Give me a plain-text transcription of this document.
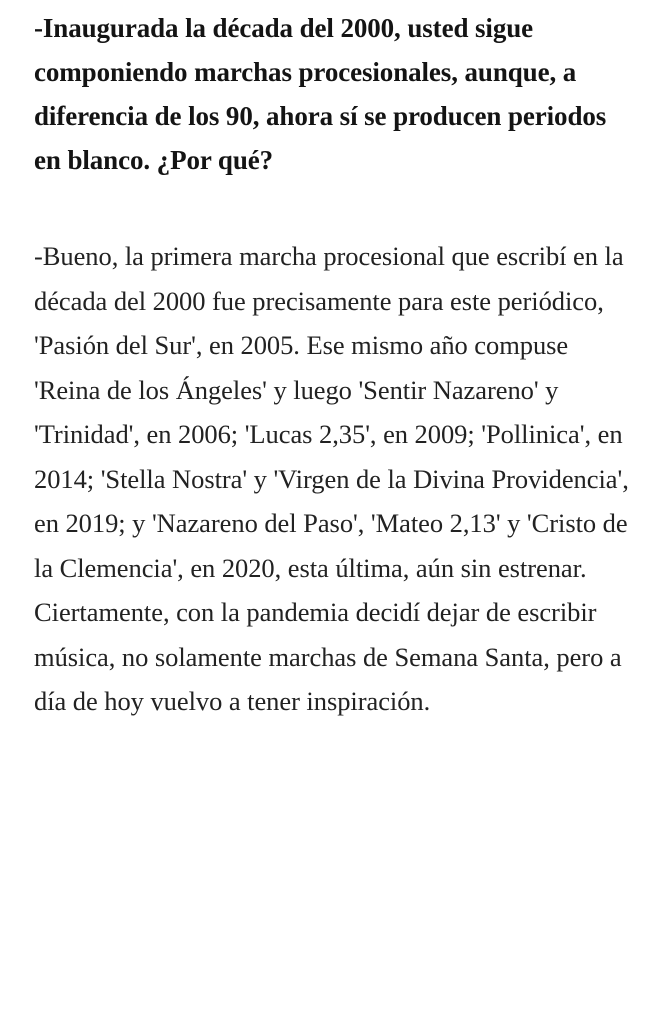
-Inaugurada la década del 2000, usted sigue componiendo marchas procesionales, aunque, a diferencia de los 90, ahora sí se producen periodos en blanco. ¿Por qué?

-Bueno, la primera marcha procesional que escribí en la década del 2000 fue precisamente para este periódico, 'Pasión del Sur', en 2005. Ese mismo año compuse 'Reina de los Ángeles' y luego 'Sentir Nazareno' y 'Trinidad', en 2006; 'Lucas 2,35', en 2009; 'Pollinica', en 2014; 'Stella Nostra' y 'Virgen de la Divina Providencia', en 2019; y 'Nazareno del Paso', 'Mateo 2,13' y 'Cristo de la Clemencia', en 2020, esta última, aún sin estrenar. Ciertamente, con la pandemia decidí dejar de escribir música, no solamente marchas de Semana Santa, pero a día de hoy vuelvo a tener inspiración.
